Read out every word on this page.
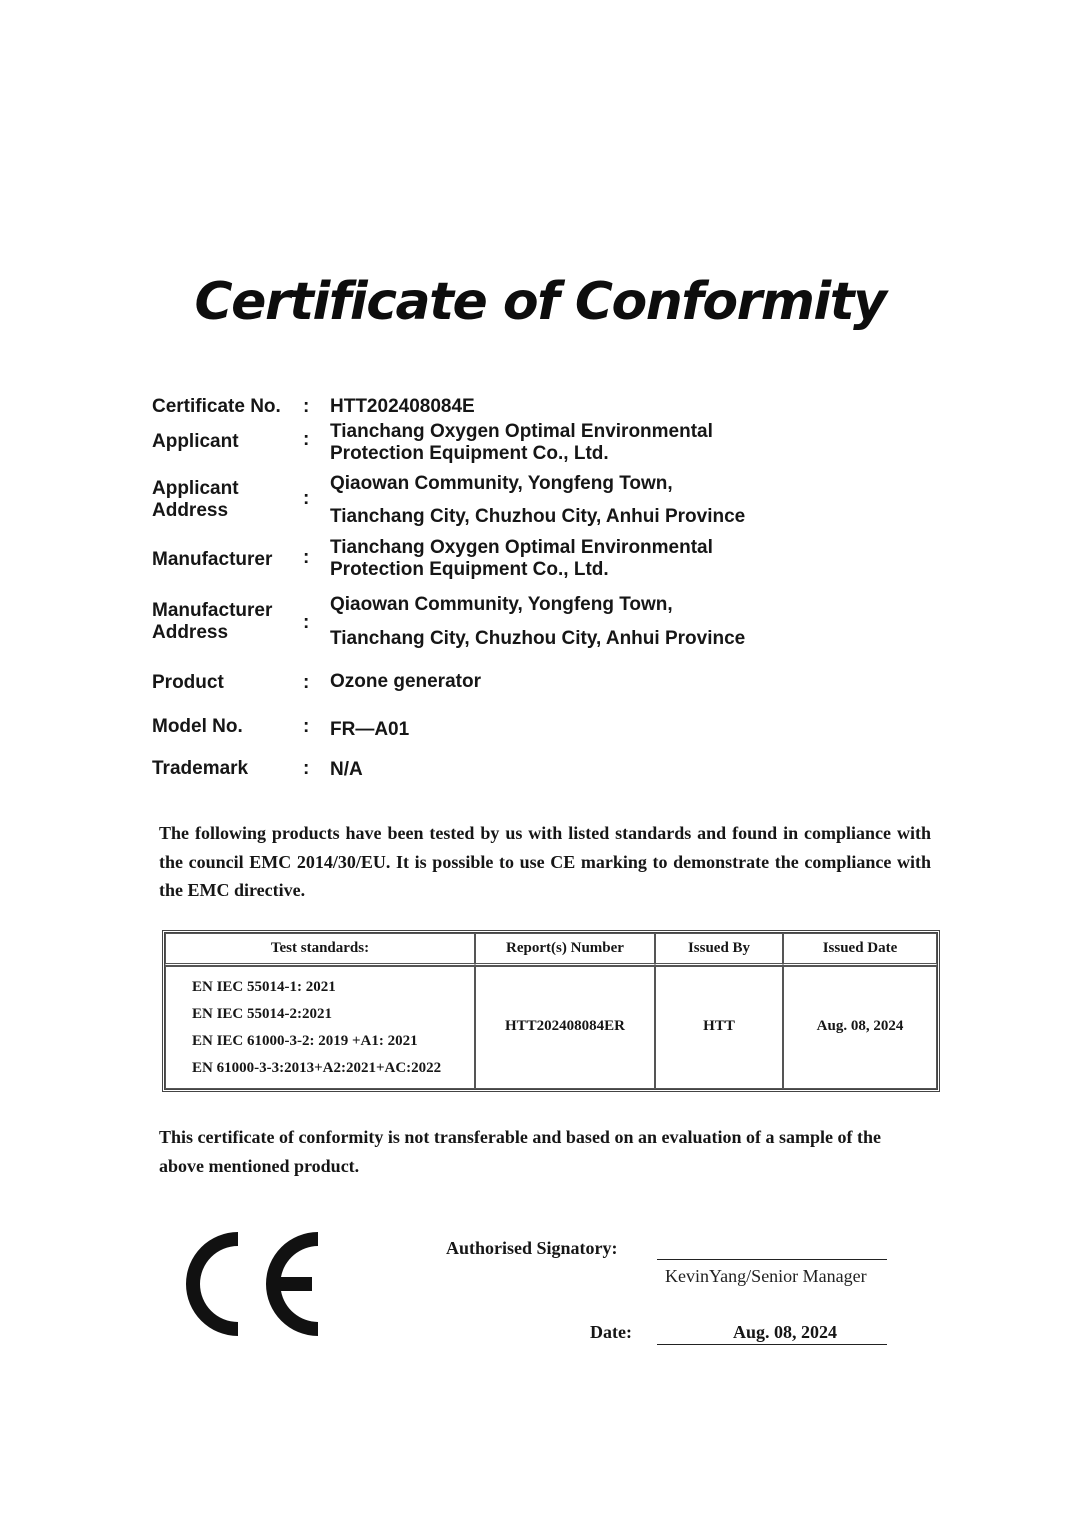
Certificate of Conformity
Certificate No. : HTT202408084E
Applicant	: Tianchang Oxygen Optimal Environmental
Protection Equipment Co., Ltd.
Applicant
Address
:
Qiaowan Community, Yongfeng Town,
Tianchang City, Chuzhou City, Anhui Province
Manufacturer : Tianchang Oxygen Optimal Environmental
Protection Equipment Co., Ltd.
Manufacturer
Address	:
Qiaowan Community, Yongfeng Town,
Tianchang City, Chuzhou City, Anhui Province
Product	: Ozone generator
Model No.	: FR—A01
Trademark	: N/A

The following products have been tested by us with listed standards and found in compliance with the council EMC 2014/30/EU. It is possible to use CE marking to demonstrate the compliance with the EMC directive.

Test standards:	Report(s) Number	Issued By	Issued Date

EN IEC 55014-1: 2021
EN IEC 55014-2:2021
EN IEC 61000-3-2: 2019 +A1: 2021
EN 61000-3-3:2013+A2:2021+AC:2022	HTT202408084ER	HTT	Aug. 08, 2024

This certificate of conformity is not transferable and based on an evaluation of a sample of the above mentioned product.

Authorised Signatory:
KevinYang/Senior Manager
Date:	Aug. 08, 2024
